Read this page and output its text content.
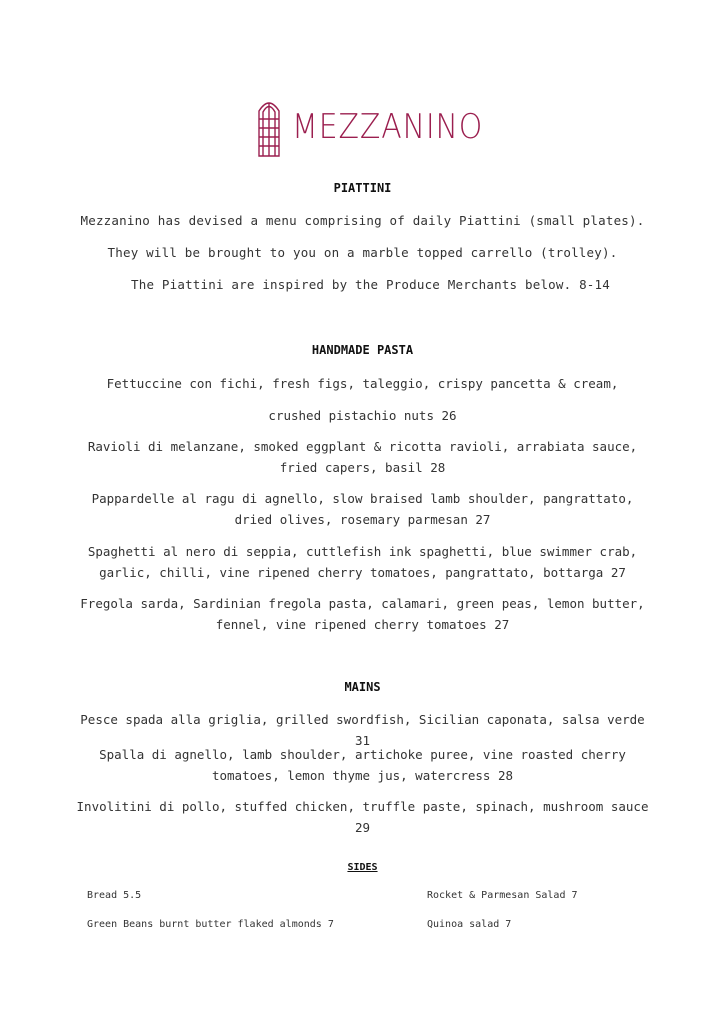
MEZZANINO
PIATTINI
Mezzanino has devised a menu comprising of daily Piattini (small plates).
They will be brought to you on a marble topped carrello (trolley).
The Piattini are inspired by the Produce Merchants below. 8-14
HANDMADE PASTA
Fettuccine con fichi, fresh figs, taleggio, crispy pancetta & cream,
crushed pistachio nuts 26
Ravioli di melanzane, smoked eggplant & ricotta ravioli, arrabiata sauce, fried capers, basil 28
Pappardelle al ragu di agnello, slow braised lamb shoulder, pangrattato, dried olives, rosemary parmesan 27
Spaghetti al nero di seppia, cuttlefish ink spaghetti, blue swimmer crab, garlic, chilli, vine ripened cherry tomatoes, pangrattato, bottarga 27
Fregola sarda, Sardinian fregola pasta, calamari, green peas, lemon butter, fennel, vine ripened cherry tomatoes 27
MAINS
Pesce spada alla griglia, grilled swordfish, Sicilian caponata, salsa verde 31
Spalla di agnello, lamb shoulder, artichoke puree, vine roasted cherry tomatoes, lemon thyme jus, watercress 28
Involitini di pollo, stuffed chicken, truffle paste, spinach, mushroom sauce 29
SIDES
Bread 5.5	Rocket & Parmesan Salad 7
Green Beans burnt butter flaked almonds 7	Quinoa salad 7
